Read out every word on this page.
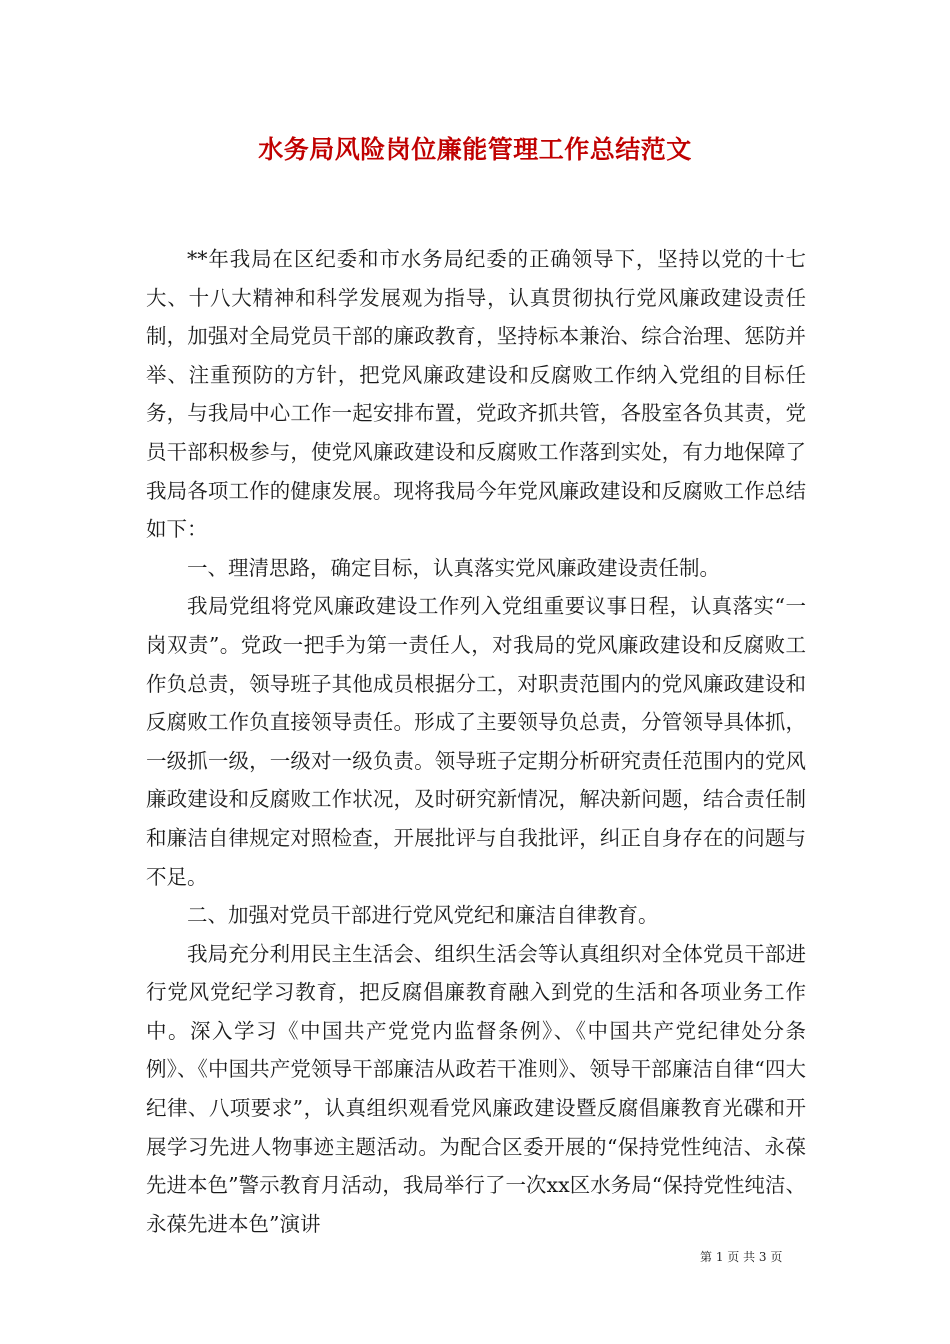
水务局风险岗位廉能管理工作总结范文

**年我局在区纪委和市水务局纪委的正确领导下，坚持以党的十七大、十八大精神和科学发展观为指导，认真贯彻执行党风廉政建设责任制，加强对全局党员干部的廉政教育，坚持标本兼治、综合治理、惩防并举、注重预防的方针，把党风廉政建设和反腐败工作纳入党组的目标任务，与我局中心工作一起安排布置，党政齐抓共管，各股室各负其责，党员干部积极参与，使党风廉政建设和反腐败工作落到实处，有力地保障了我局各项工作的健康发展。现将我局今年党风廉政建设和反腐败工作总结如下：

一、理清思路，确定目标，认真落实党风廉政建设责任制。

我局党组将党风廉政建设工作列入党组重要议事日程，认真落实“一岗双责”。党政一把手为第一责任人，对我局的党风廉政建设和反腐败工作负总责，领导班子其他成员根据分工，对职责范围内的党风廉政建设和反腐败工作负直接领导责任。形成了主要领导负总责，分管领导具体抓，一级抓一级，一级对一级负责。领导班子定期分析研究责任范围内的党风廉政建设和反腐败工作状况，及时研究新情况，解决新问题，结合责任制和廉洁自律规定对照检查，开展批评与自我批评，纠正自身存在的问题与不足。

二、加强对党员干部进行党风党纪和廉洁自律教育。

我局充分利用民主生活会、组织生活会等认真组织对全体党员干部进行党风党纪学习教育，把反腐倡廉教育融入到党的生活和各项业务工作中。深入学习《中国共产党党内监督条例》、《中国共产党纪律处分条例》、《中国共产党领导干部廉洁从政若干准则》、领导干部廉洁自律“四大纪律、八项要求”，认真组织观看党风廉政建设暨反腐倡廉教育光碟和开展学习先进人物事迹主题活动。为配合区委开展的“保持党性纯洁、永葆先进本色”警示教育月活动，我局举行了一次xx区水务局“保持党性纯洁、永葆先进本色”演讲

第 1 页 共 3 页
